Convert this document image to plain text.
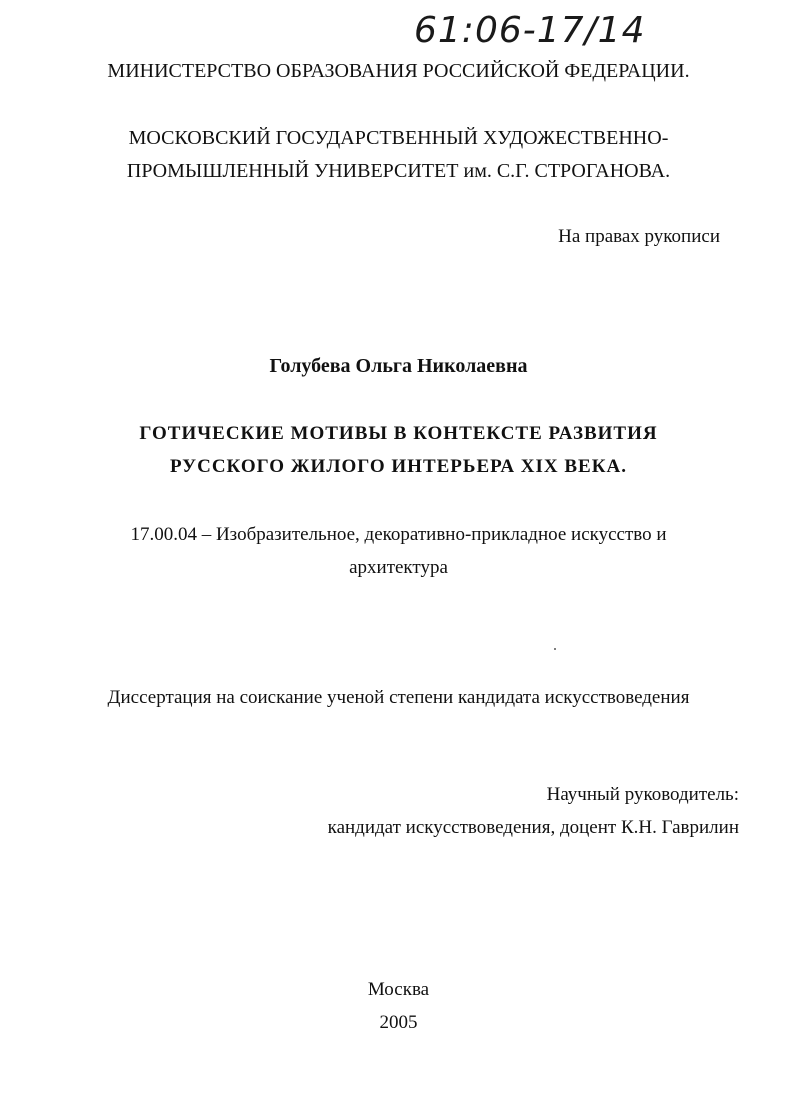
61:06-17/14
МИНИСТЕРСТВО ОБРАЗОВАНИЯ РОССИЙСКОЙ ФЕДЕРАЦИИ.
МОСКОВСКИЙ ГОСУДАРСТВЕННЫЙ ХУДОЖЕСТВЕННО-
ПРОМЫШЛЕННЫЙ УНИВЕРСИТЕТ им. С.Г. СТРОГАНОВА.
На правах рукописи
Голубева Ольга Николаевна
ГОТИЧЕСКИЕ МОТИВЫ В КОНТЕКСТЕ РАЗВИТИЯ
РУССКОГО ЖИЛОГО ИНТЕРЬЕРА XIX ВЕКА.
17.00.04 – Изобразительное, декоративно-прикладное искусство и
архитектура
Диссертация на соискание ученой степени кандидата искусствоведения
Научный руководитель:
кандидат искусствоведения, доцент К.Н. Гаврилин
Москва
2005
